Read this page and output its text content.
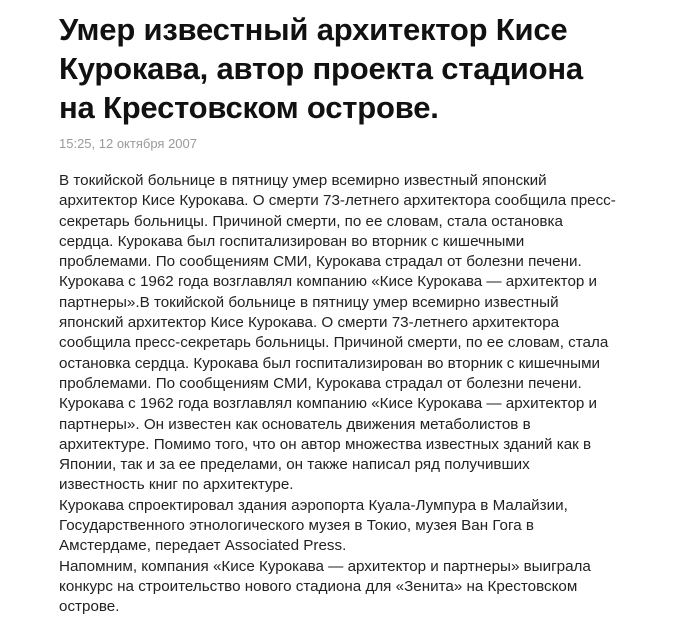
Умер известный архитектор Кисе Курокава, автор проекта стадиона на Крестовском острове.
15:25, 12 октября 2007

В токийской больнице в пятницу умер всемирно известный японский архитектор Кисе Курокава. О смерти 73-летнего архитектора сообщила пресс-секретарь больницы. Причиной смерти, по ее словам, стала остановка сердца. Курокава был госпитализирован во вторник с кишечными проблемами. По сообщениям СМИ, Курокава страдал от болезни печени.

Курокава с 1962 года возглавлял компанию «Кисе Курокава — архитектор и партнеры».В токийской больнице в пятницу умер всемирно известный японский архитектор Кисе Курокава. О смерти 73-летнего архитектора сообщила пресс-секретарь больницы. Причиной смерти, по ее словам, стала остановка сердца. Курокава был госпитализирован во вторник с кишечными проблемами. По сообщениям СМИ, Курокава страдал от болезни печени.

Курокава с 1962 года возглавлял компанию «Кисе Курокава — архитектор и партнеры». Он известен как основатель движения метаболистов в архитектуре. Помимо того, что он автор множества известных зданий как в Японии, так и за ее пределами, он также написал ряд получивших известность книг по архитектуре.

Курокава спроектировал здания аэропорта Куала-Лумпура в Малайзии, Государственного этнологического музея в Токио, музея Ван Гога в Амстердаме, передает Associated Press.

Напомним, компания «Кисе Курокава — архитектор и партнеры» выиграла конкурс на строительство нового стадиона для «Зенита» на Крестовском острове.
